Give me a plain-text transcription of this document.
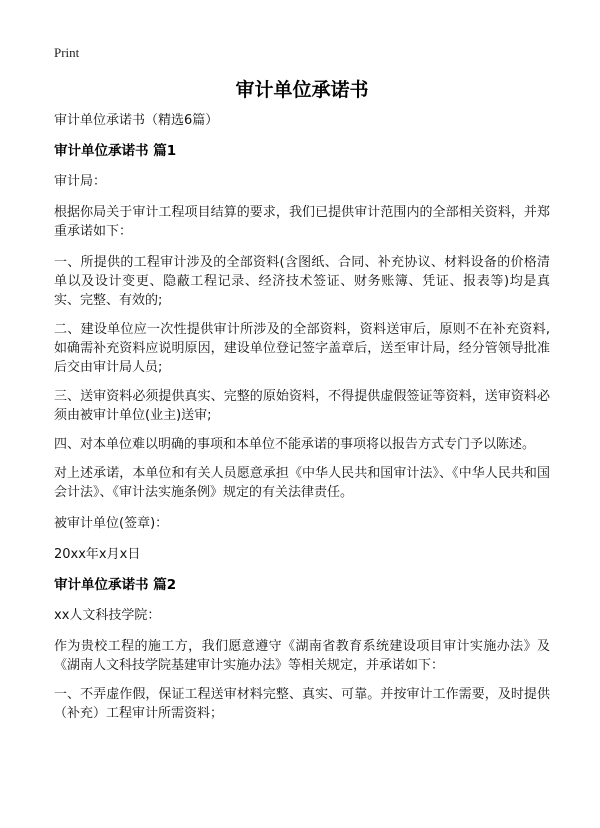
Print

审计单位承诺书

审计单位承诺书（精选6篇）

审计单位承诺书 篇1

审计局：

根据你局关于审计工程项目结算的要求，我们已提供审计范围内的全部相关资料，并郑重承诺如下：

一、所提供的工程审计涉及的全部资料(含图纸、合同、补充协议、材料设备的价格清单以及设计变更、隐蔽工程记录、经济技术签证、财务账簿、凭证、报表等)均是真实、完整、有效的;

二、建设单位应一次性提供审计所涉及的全部资料，资料送审后，原则不在补充资料,如确需补充资料应说明原因，建设单位登记签字盖章后，送至审计局，经分管领导批准后交由审计局人员;

三、送审资料必须提供真实、完整的原始资料，不得提供虚假签证等资料，送审资料必须由被审计单位(业主)送审;

四、对本单位难以明确的事项和本单位不能承诺的事项将以报告方式专门予以陈述。

对上述承诺，本单位和有关人员愿意承担《中华人民共和国审计法》、《中华人民共和国会计法》、《审计法实施条例》规定的有关法律责任。

被审计单位(签章)：

20xx年x月x日

审计单位承诺书 篇2

xx人文科技学院：

作为贵校工程的施工方，我们愿意遵守《湖南省教育系统建设项目审计实施办法》及《湖南人文科技学院基建审计实施办法》等相关规定，并承诺如下：

一、不弄虚作假，保证工程送审材料完整、真实、可靠。并按审计工作需要，及时提供（补充）工程审计所需资料；
